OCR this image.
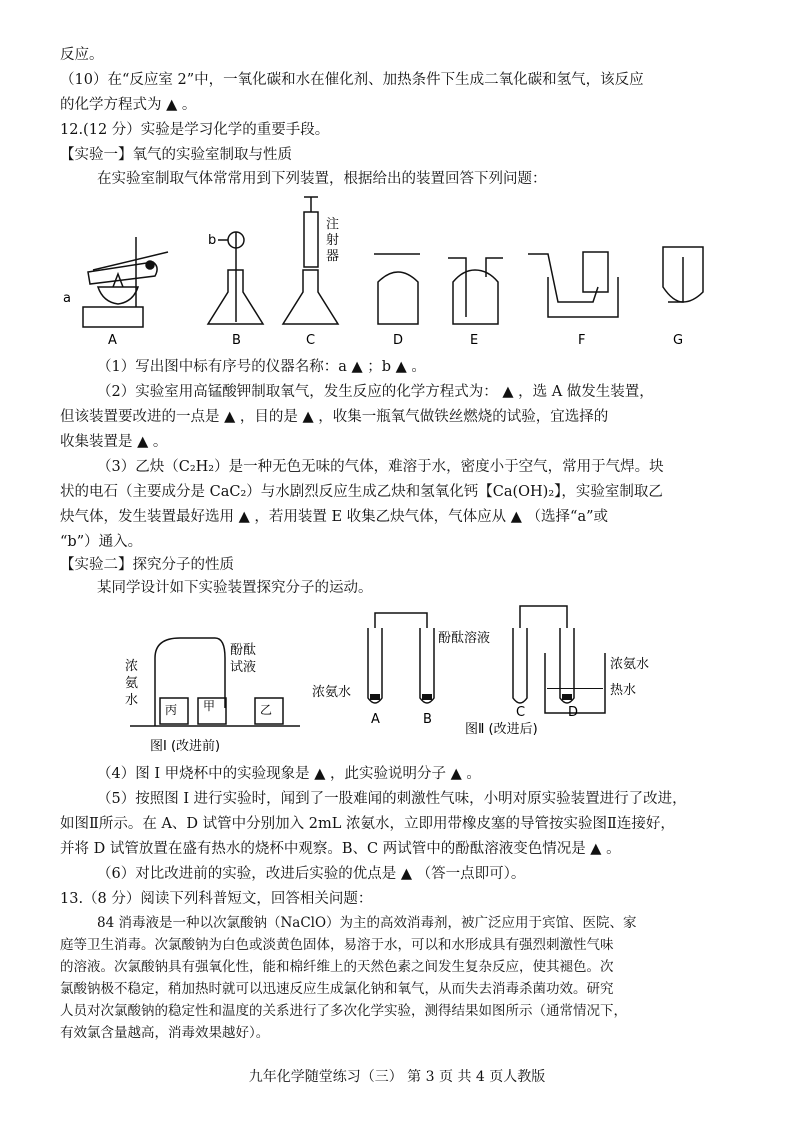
反应。
（10）在“反应室 2”中，一氧化碳和水在催化剂、加热条件下生成二氧化碳和氢气，该反应
的化学方程式为 ▲ 。
12.(12 分）实验是学习化学的重要手段。
【实验一】氧气的实验室制取与性质
在实验室制取气体常常用到下列装置，根据给出的装置回答下列问题：
a
b
注
射
器
A	B	C	D	E	F	G
（1）写出图中标有序号的仪器名称：a ▲ ；b ▲ 。
（2）实验室用高锰酸钾制取氧气，发生反应的化学方程式为： ▲ ，选 A 做发生装置，
但该装置要改进的一点是 ▲ ，目的是 ▲ ，收集一瓶氧气做铁丝燃烧的试验，宜选择的
收集装置是 ▲ 。
（3）乙炔（C₂H₂）是一种无色无味的气体，难溶于水，密度小于空气，常用于气焊。块
状的电石（主要成分是 CaC₂）与水剧烈反应生成乙炔和氢氧化钙【Ca(OH)₂】，实验室制取乙
炔气体，发生装置最好选用 ▲ ，若用装置 E 收集乙炔气体，气体应从 ▲ （选择“a”或
“b”）通入。
【实验二】探究分子的性质
某同学设计如下实验装置探究分子的运动。
浓
氨
水
酚酞
试液
丙 甲	乙
图I (改进前)
酚酞溶液
浓氨水
浓氨水
热水
A	B	C	D
图Ⅱ (改进后)
（4）图 I 甲烧杯中的实验现象是 ▲ ，此实验说明分子 ▲ 。
（5）按照图 I 进行实验时，闻到了一股难闻的刺激性气味，小明对原实验装置进行了改进，
如图Ⅱ所示。在 A、D 试管中分别加入 2mL 浓氨水，立即用带橡皮塞的导管按实验图Ⅱ连接好，
并将 D 试管放置在盛有热水的烧杯中观察。B、C 两试管中的酚酞溶液变色情况是 ▲ 。
（6）对比改进前的实验，改进后实验的优点是 ▲ （答一点即可）。
13.（8 分）阅读下列科普短文，回答相关问题：
84 消毒液是一种以次氯酸钠（NaClO）为主的高效消毒剂，被广泛应用于宾馆、医院、家
庭等卫生消毒。次氯酸钠为白色或淡黄色固体，易溶于水，可以和水形成具有强烈刺激性气味
的溶液。次氯酸钠具有强氧化性，能和棉纤维上的天然色素之间发生复杂反应，使其褪色。次
氯酸钠极不稳定，稍加热时就可以迅速反应生成氯化钠和氧气，从而失去消毒杀菌功效。研究
人员对次氯酸钠的稳定性和温度的关系进行了多次化学实验，测得结果如图所示（通常情况下，
有效氯含量越高，消毒效果越好）。
九年化学随堂练习（三） 第 3 页 共 4 页人教版
